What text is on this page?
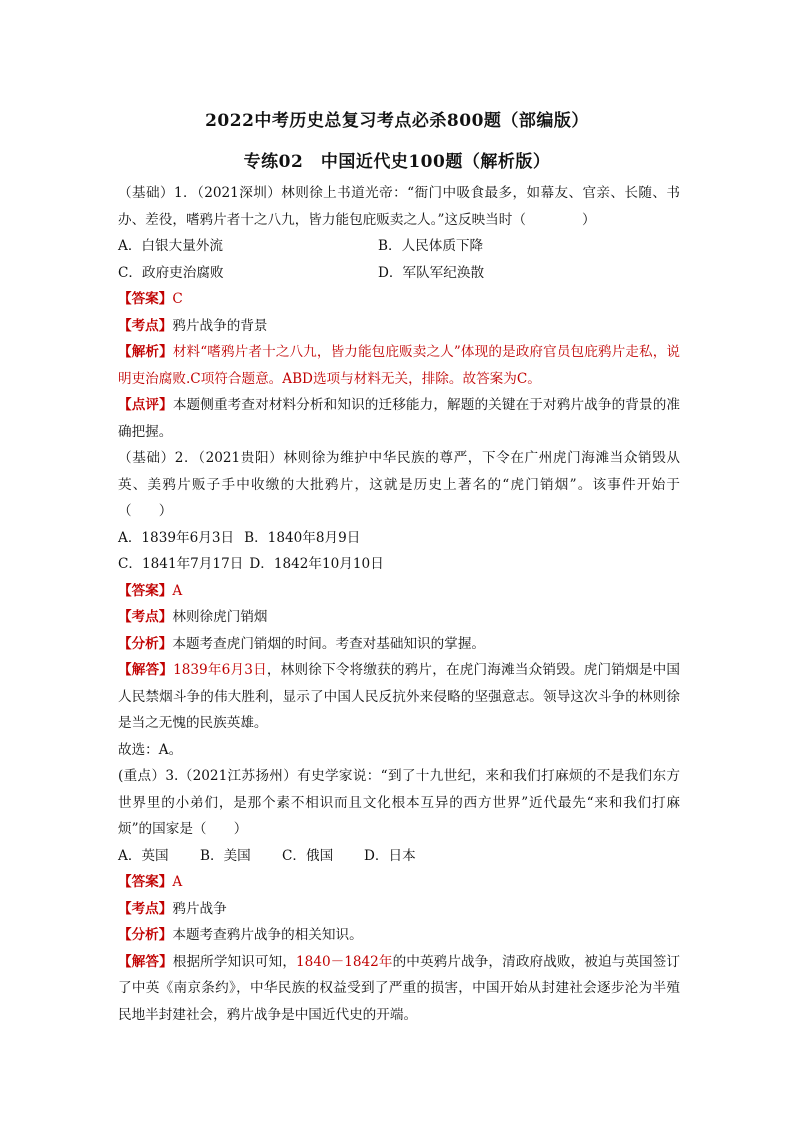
2022中考历史总复习考点必杀800题（部编版）
专练02　中国近代史100题（解析版）

（基础）1．（2021深圳）林则徐上书道光帝：“衙门中吸食最多，如幕友、官亲、长随、书办、差役，嗜鸦片者十之八九，皆力能包庇贩卖之人。”这反映当时（	）

A．白银大量外流	B．人民体质下降
C．政府吏治腐败	D．军队军纪涣散

【答案】C

【考点】鸦片战争的背景

【解析】材料“嗜鸦片者十之八九，皆力能包庇贩卖之人”体现的是政府官员包庇鸦片走私，说明吏治腐败.C项符合题意。ABD选项与材料无关，排除。故答案为C。

【点评】本题侧重考查对材料分析和知识的迁移能力，解题的关键在于对鸦片战争的背景的准确把握。

（基础）2．（2021贵阳）林则徐为维护中华民族的尊严，下令在广州虎门海滩当众销毁从英、美鸦片贩子手中收缴的大批鸦片，这就是历史上著名的“虎门销烟”。该事件开始于（　　）

A．1839年6月3日 B．1840年8月9日
C．1841年7月17日 D．1842年10月10日

【答案】A

【考点】林则徐虎门销烟

【分析】本题考查虎门销烟的时间。考查对基础知识的掌握。

【解答】1839年6月3日，林则徐下令将缴获的鸦片，在虎门海滩当众销毁。虎门销烟是中国人民禁烟斗争的伟大胜利，显示了中国人民反抗外来侵略的坚强意志。领导这次斗争的林则徐是当之无愧的民族英雄。

故选：A。

(重点）3.（2021江苏扬州）有史学家说：“到了十九世纪，来和我们打麻烦的不是我们东方世界里的小弟们，是那个素不相识而且文化根本互异的西方世界”近代最先“来和我们打麻烦”的国家是（　　）

A．英国	B．美国	C．俄国	D．日本

【答案】A

【考点】鸦片战争

【分析】本题考查鸦片战争的相关知识。

【解答】根据所学知识可知，1840－1842年的中英鸦片战争，清政府战败，被迫与英国签订了中英《南京条约》，中华民族的权益受到了严重的损害，中国开始从封建社会逐步沦为半殖民地半封建社会，鸦片战争是中国近代史的开端。
